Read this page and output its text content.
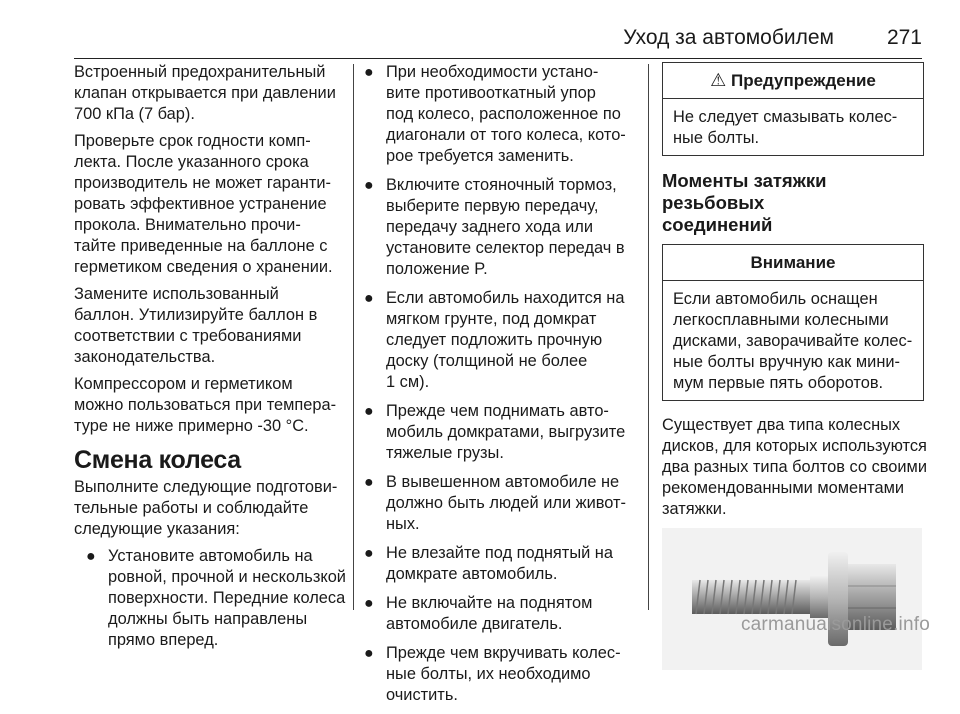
Уход за автомобилем	271

Встроенный предохранительный
клапан открывается при давлении
700 кПа (7 бар).

Проверьте срок годности комп-
лекта. После указанного срока
производитель не может гаранти-
ровать эффективное устранение
прокола. Внимательно прочи-
тайте приведенные на баллоне с
герметиком сведения о хранении.

Замените использованный
баллон. Утилизируйте баллон в
соответствии с требованиями
законодательства.

Компрессором и герметиком
можно пользоваться при темпера-
туре не ниже примерно -30 °C.

Смена колеса

Выполните следующие подготови-
тельные работы и соблюдайте
следующие указания:

● Установите автомобиль на
ровной, прочной и нескользкой
поверхности. Передние колеса
должны быть направлены
прямо вперед.
● При необходимости устано-
вите противооткатный упор
под колесо, расположенное по
диагонали от того колеса, кото-
рое требуется заменить.
● Включите стояночный тормоз,
выберите первую передачу,
передачу заднего хода или
установите селектор передач в
положение P.
● Если автомобиль находится на
мягком грунте, под домкрат
следует подложить прочную
доску (толщиной не более
1 см).
● Прежде чем поднимать авто-
мобиль домкратами, выгрузите
тяжелые грузы.
● В вывешенном автомобиле не
должно быть людей или живот-
ных.
● Не влезайте под поднятый на
домкрате автомобиль.
● Не включайте на поднятом
автомобиле двигатель.
● Прежде чем вкручивать колес-
ные болты, их необходимо
очистить.
⚠ Предупреждение

Не следует смазывать колес-
ные болты.

Моменты затяжки резьбовых
соединений
Внимание

Если автомобиль оснащен
легкосплавными колесными
дисками, заворачивайте колес-
ные болты вручную как мини-
мум первые пять оборотов.

Существует два типа колесных
дисков, для которых используются
два разных типа болтов со своими
рекомендованными моментами
затяжки.

carmanualsonline.info
